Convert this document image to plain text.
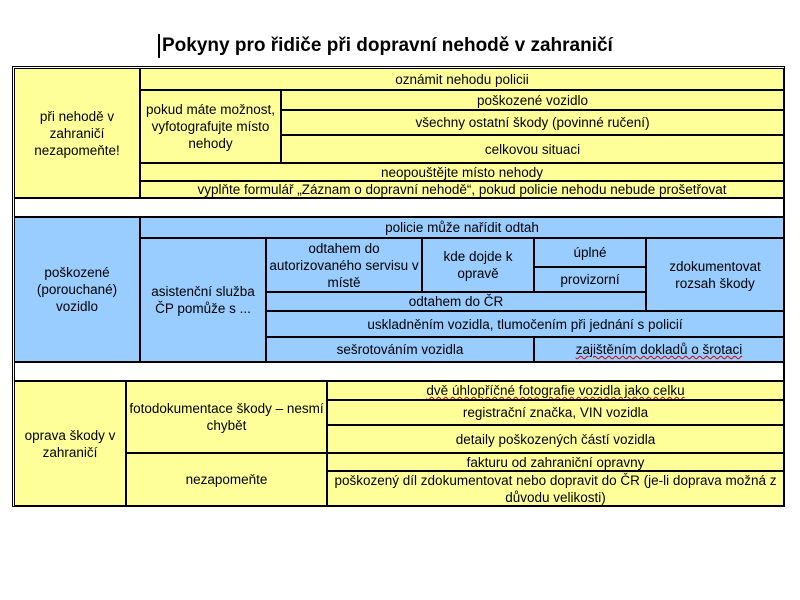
Pokyny pro řidiče při dopravní nehodě v zahraničí
při nehodě v zahraničí nezapomeňte!
oznámit nehodu policii
pokud máte možnost, vyfotografujte místo nehody
poškozené vozidlo
všechny ostatní škody (povinné ručení)
celkovou situaci
neopouštějte místo nehody
vyplňte formulář „Záznam o dopravní nehodě“, pokud policie nehodu nebude prošetřovat
poškozené (porouchané) vozidlo
policie může nařídit odtah
asistenční služba ČP pomůže s ...
odtahem do autorizovaného servisu v místě
kde dojde k opravě
úplné
provizorní
zdokumentovat rozsah škody
odtahem do ČR
uskladněním vozidla, tlumočením při jednání s policií
sešrotováním vozidla	zajištěním dokladů o šrotaci
oprava škody v zahraničí
fotodokumentace škody – nesmí chybět
dvě úhlopříčné fotografie vozidla jako celku
registrační značka, VIN vozidla
detaily poškozených částí vozidla
nezapomeňte
fakturu od zahraniční opravny
poškozený díl zdokumentovat nebo dopravit do ČR (je-li doprava možná z důvodu velikosti)
